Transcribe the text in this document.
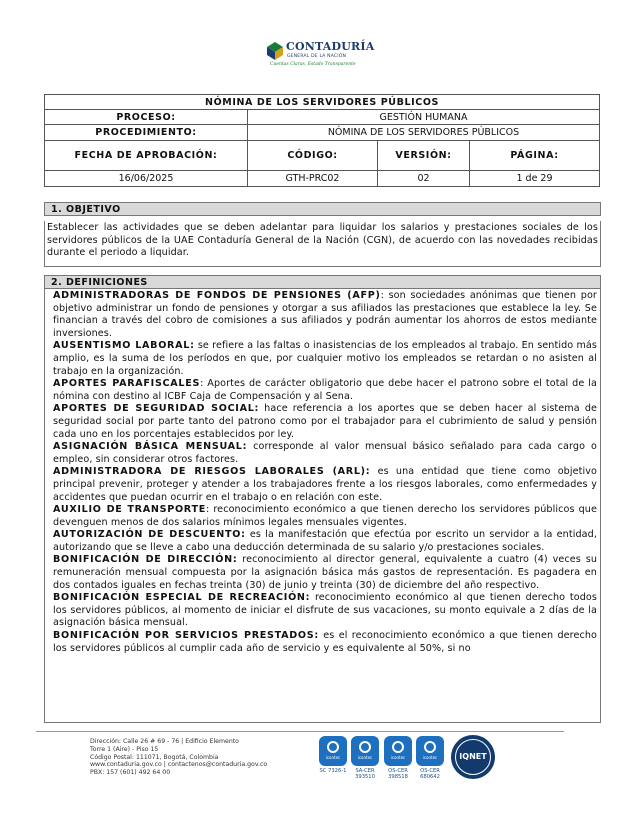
CONTADURÍA
GENERAL DE LA NACIÓN
Cuentas Claras, Estado Transparente
NÓMINA DE LOS SERVIDORES PÚBLICOS			
PROCESO:	GESTIÓN HUMANA		
PROCEDIMIENTO:	NÓMINA DE LOS SERVIDORES PÚBLICOS		
FECHA DE APROBACIÓN:	CÓDIGO:	VERSIÓN:	PÁGINA:
16/06/2025	GTH-PRC02	02	1 de 29
1. OBJETIVO
Establecer las actividades que se deben adelantar para liquidar los salarios y prestaciones sociales de los servidores públicos de la UAE Contaduría General de la Nación (CGN), de acuerdo con las novedades recibidas durante el periodo a liquidar.
2. DEFINICIONES

ADMINISTRADORAS DE FONDOS DE PENSIONES (AFP): son sociedades anónimas que tienen por objetivo administrar un fondo de pensiones y otorgar a sus afiliados las prestaciones que establece la ley. Se financian a través del cobro de comisiones a sus afiliados y podrán aumentar los ahorros de estos mediante inversiones.

AUSENTISMO LABORAL: se refiere a las faltas o inasistencias de los empleados al trabajo. En sentido más amplio, es la suma de los períodos en que, por cualquier motivo los empleados se retardan o no asisten al trabajo en la organización.

APORTES PARAFISCALES: Aportes de carácter obligatorio que debe hacer el patrono sobre el total de la nómina con destino al ICBF Caja de Compensación y al Sena.

APORTES DE SEGURIDAD SOCIAL: hace referencia a los aportes que se deben hacer al sistema de seguridad social por parte tanto del patrono como por el trabajador para el cubrimiento de salud y pensión cada uno en los porcentajes establecidos por ley.

ASIGNACIÓN BÁSICA MENSUAL: corresponde al valor mensual básico señalado para cada cargo o empleo, sin considerar otros factores.

ADMINISTRADORA DE RIESGOS LABORALES (ARL): es una entidad que tiene como objetivo principal prevenir, proteger y atender a los trabajadores frente a los riesgos laborales, como enfermedades y accidentes que puedan ocurrir en el trabajo o en relación con este.

AUXILIO DE TRANSPORTE: reconocimiento económico a que tienen derecho los servidores públicos que devenguen menos de dos salarios mínimos legales mensuales vigentes.

AUTORIZACIÓN DE DESCUENTO: es la manifestación que efectúa por escrito un servidor a la entidad, autorizando que se lleve a cabo una deducción determinada de su salario y/o prestaciones sociales.

BONIFICACIÓN DE DIRECCIÓN: reconocimiento al director general, equivalente a cuatro (4) veces su remuneración mensual compuesta por la asignación básica más gastos de representación. Es pagadera en dos contados iguales en fechas treinta (30) de junio y treinta (30) de diciembre del año respectivo.

BONIFICACIÓN ESPECIAL DE RECREACIÓN: reconocimiento económico al que tienen derecho todos los servidores públicos, al momento de iniciar el disfrute de sus vacaciones, su monto equivale a 2 días de la asignación básica mensual.

BONIFICACIÓN POR SERVICIOS PRESTADOS: es el reconocimiento económico a que tienen derecho los servidores públicos al cumplir cada año de servicio y es equivalente al 50%, si no

Dirección: Calle 26 # 69 - 76 | Edificio Elemento
Torre 1 (Aire) - Piso 15
Código Postal: 111071, Bogotá, Colombia
www.contaduria.gov.co | contactenos@contaduria.gov.co
PBX: 157 (601) 492 64 00
icontec
SC 7326-1
icontec
SA-CER 393510
icontec
OS-CER 398518
icontec
OS-CER 680642
IQNET
